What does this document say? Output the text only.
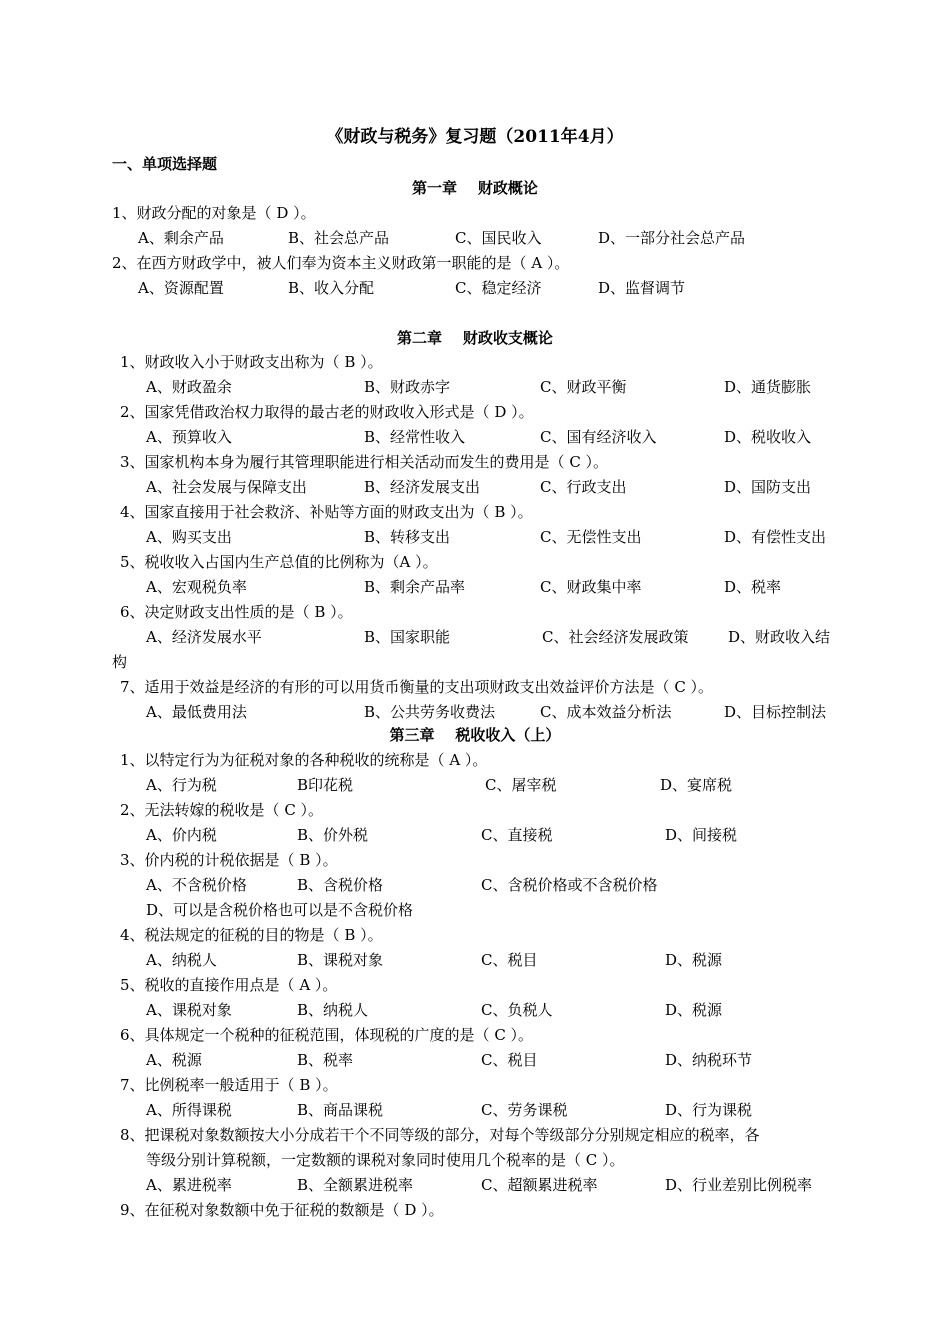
《财政与税务》复习题（2011年4月）
一、单项选择题
第一章    财政概论
1、财政分配的对象是（ D ）。
A、剩余产品	B、社会总产品	C、国民收入	D、一部分社会总产品
2、在西方财政学中，被人们奉为资本主义财政第一职能的是（ A ）。
A、资源配置	B、收入分配	C、稳定经济	D、监督调节
第二章    财政收支概论
1、财政收入小于财政支出称为（ B ）。
A、财政盈余	B、财政赤字	C、财政平衡	D、通货膨胀
2、国家凭借政治权力取得的最古老的财政收入形式是（ D ）。
A、预算收入	B、经常性收入	C、国有经济收入	D、税收收入
3、国家机构本身为履行其管理职能进行相关活动而发生的费用是（ C ）。
A、社会发展与保障支出	B、经济发展支出	C、行政支出	D、国防支出
4、国家直接用于社会救济、补贴等方面的财政支出为（ B ）。
A、购买支出	B、转移支出	C、无偿性支出	D、有偿性支出
5、税收收入占国内生产总值的比例称为（A ）。
A、宏观税负率	B、剩余产品率	C、财政集中率	D、税率
6、决定财政支出性质的是（ B ）。
A、经济发展水平	B、国家职能	C、社会经济发展政策	D、财政收入结
构
7、适用于效益是经济的有形的可以用货币衡量的支出项财政支出效益评价方法是（ C ）。
A、最低费用法	B、公共劳务收费法	C、成本效益分析法	D、目标控制法
第三章    税收收入（上）
1、以特定行为为征税对象的各种税收的统称是（ A ）。
A、行为税	B印花税	C、屠宰税	D、宴席税
2、无法转嫁的税收是（ C ）。
A、价内税	B、价外税	C、直接税	D、间接税
3、价内税的计税依据是（ B ）。
A、不含税价格	B、含税价格	C、含税价格或不含税价格
D、可以是含税价格也可以是不含税价格
4、税法规定的征税的目的物是（ B ）。
A、纳税人	B、课税对象	C、税目	D、税源
5、税收的直接作用点是（ A ）。
A、课税对象	B、纳税人	C、负税人	D、税源
6、具体规定一个税种的征税范围，体现税的广度的是（ C ）。
A、税源	B、税率	C、税目	D、纳税环节
7、比例税率一般适用于（ B ）。
A、所得课税	B、商品课税	C、劳务课税	D、行为课税
8、把课税对象数额按大小分成若干个不同等级的部分，对每个等级部分分别规定相应的税率，各
等级分别计算税额，一定数额的课税对象同时使用几个税率的是（ C ）。
A、累进税率	B、全额累进税率	C、超额累进税率	D、行业差别比例税率
9、在征税对象数额中免于征税的数额是（ D ）。
